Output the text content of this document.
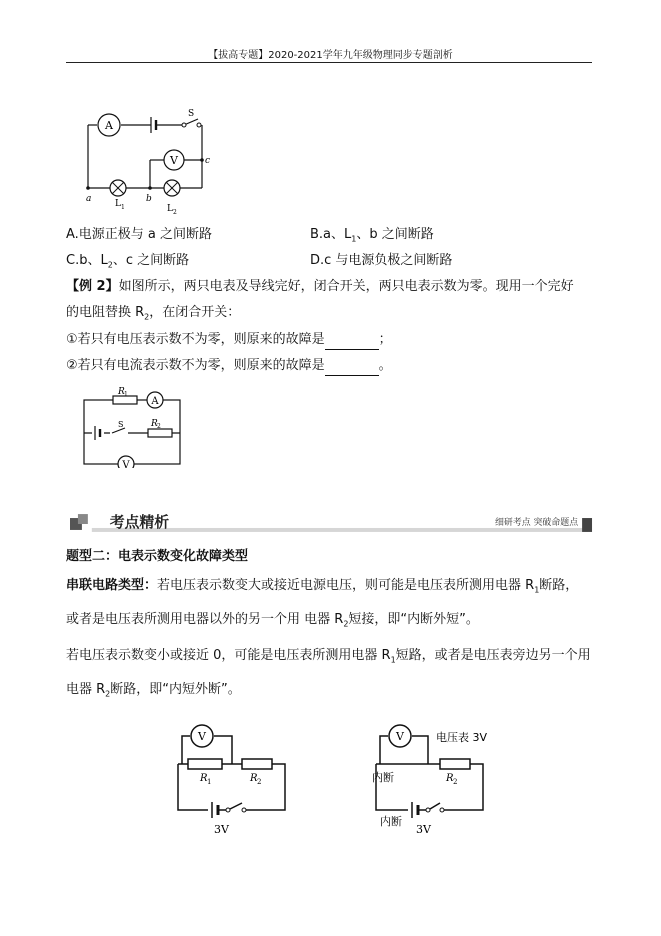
【拔高专题】2020-2021学年九年级物理同步专题剖析
A
S
V
a	b
c
L 1	L 2
A.电源正极与 a 之间断路	B.a、$L_1$、b 之间断路
C.b、$L_2$、c 之间断路	D.c 与电源负极之间断路
【例 2】如图所示，两只电表及导线完好，闭合开关，两只电表示数为零。现用一个完好
的电阻替换 $R_2$，在闭合开关：
①若只有电压表示数不为零，则原来的故障是	；
②若只有电流表示数不为零，则原来的故障是	。
R 1
A
S	R 2
V
考点精析	细研考点 突破命题点
题型二：电表示数变化故障类型
串联电路类型：若电压表示数变大或接近电源电压，则可能是电压表所测用电器 $R_1$断路，
或者是电压表所测用电器以外的另一个用 电器 $R_2$短接，即“内断外短”。
若电压表示数变小或接近 0，可能是电压表所测用电器 $R_1$短路，或者是电压表旁边另一个用
电器 $R_2$断路，即“内短外断”。
V
R 1	R 2
3V
V	电压表 3V
内断	R 2
内断
3V
